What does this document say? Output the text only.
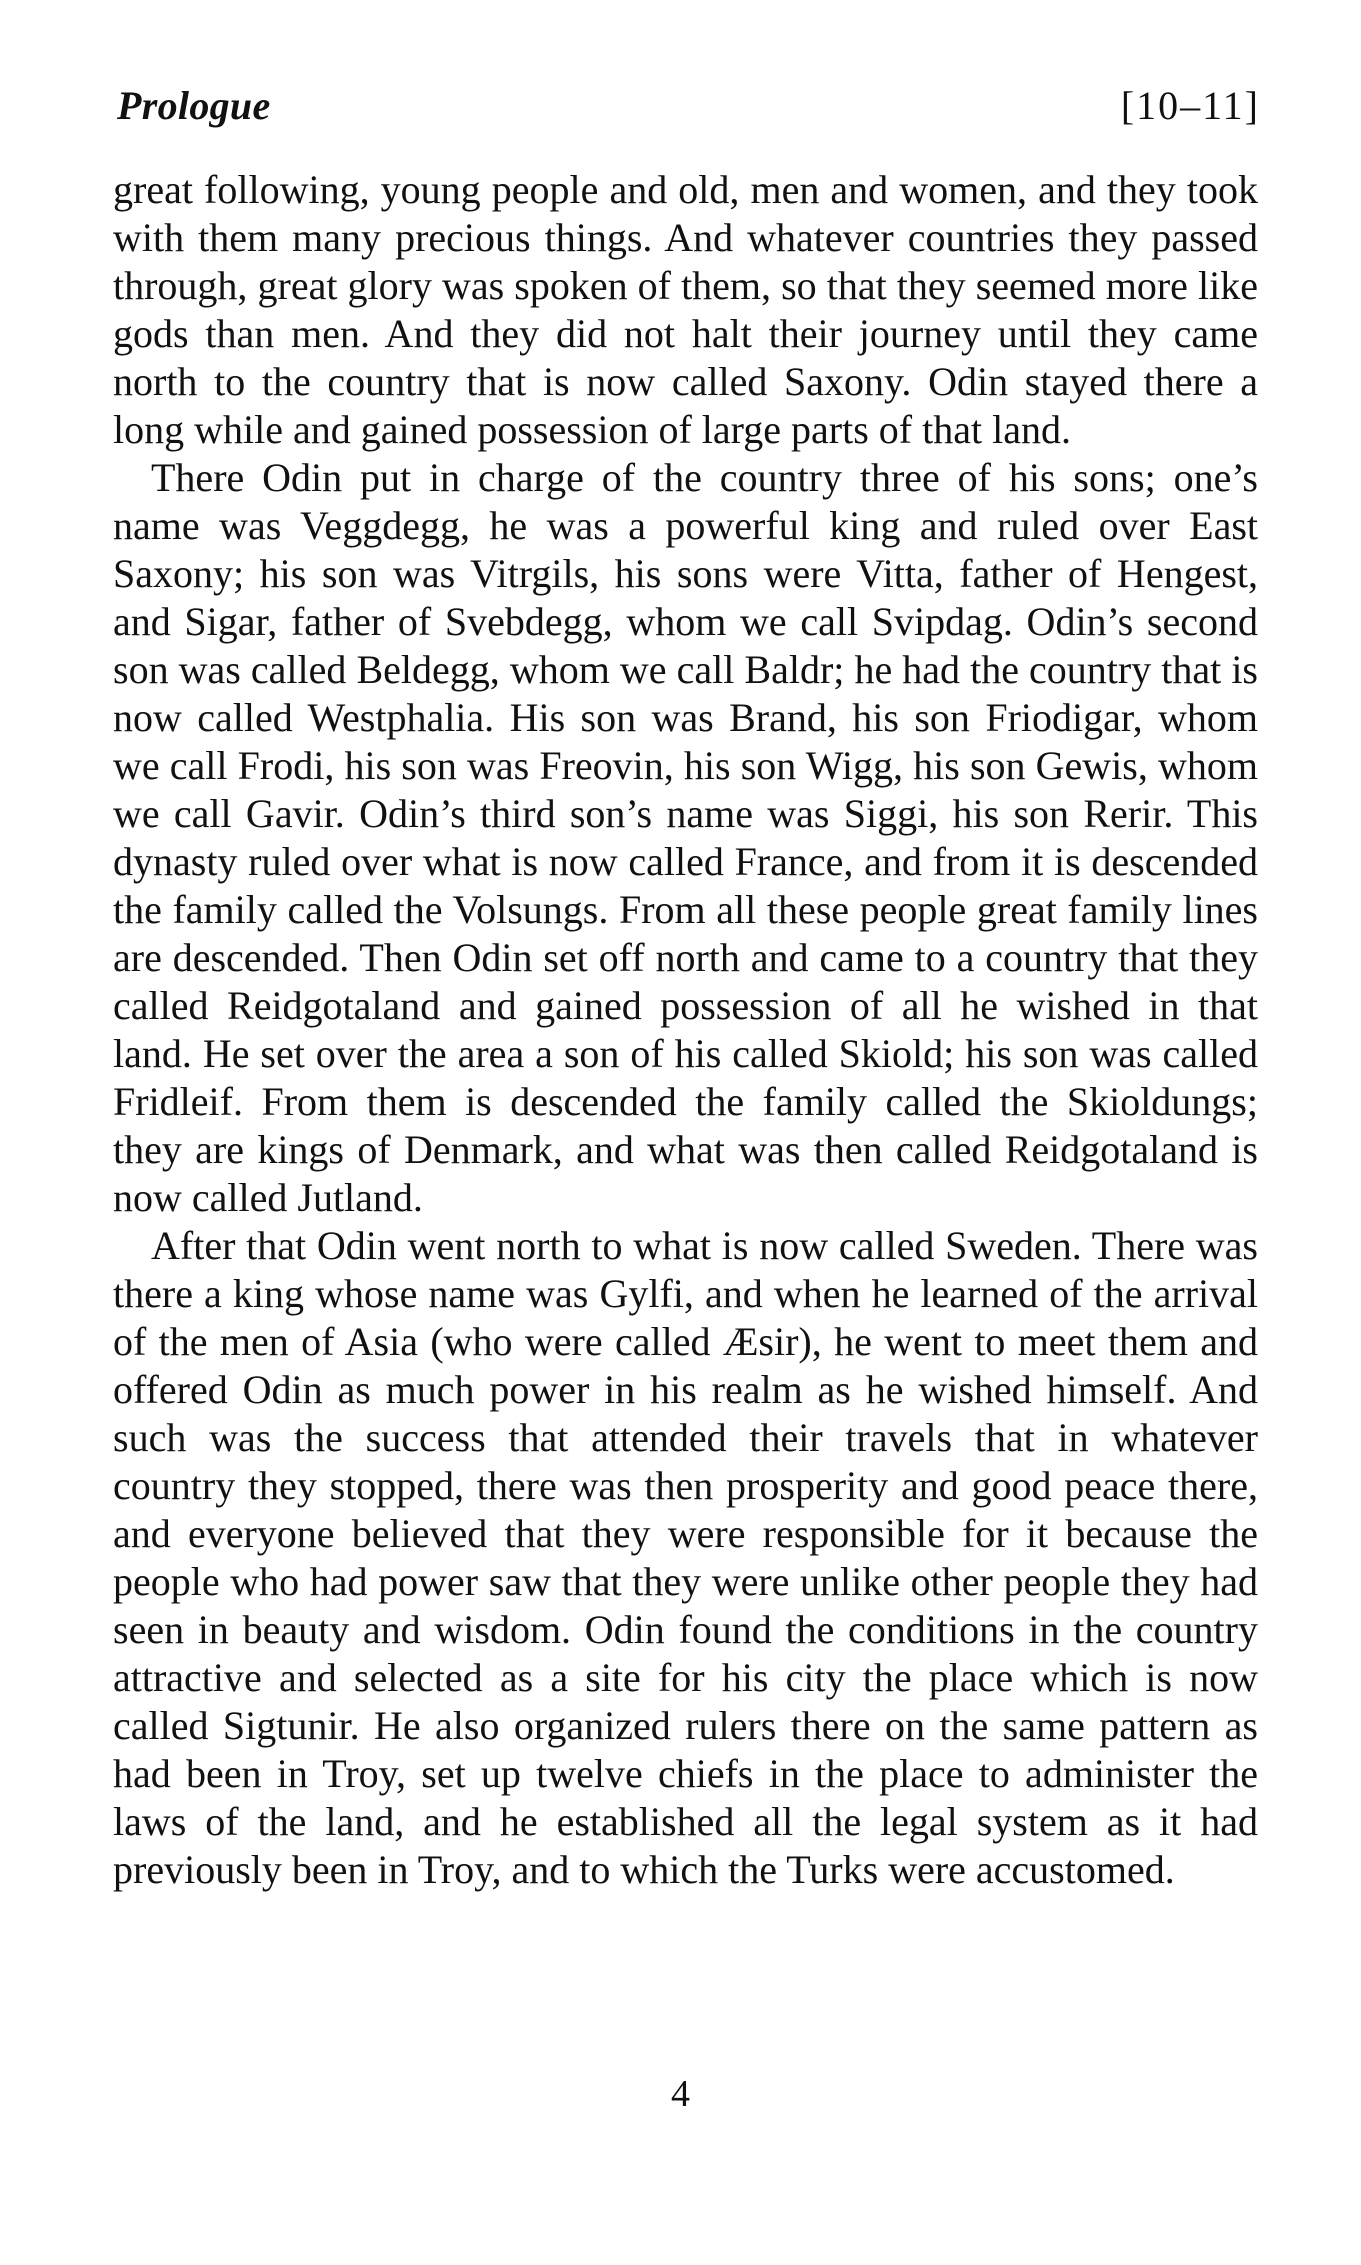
Prologue	[10–11]

great following, young people and old, men and women, and they took with them many precious things. And whatever countries they passed through, great glory was spoken of them, so that they seemed more like gods than men. And they did not halt their journey until they came north to the country that is now called Saxony. Odin stayed there a long while and gained possession of large parts of that land.

There Odin put in charge of the country three of his sons; one’s name was Veggdegg, he was a powerful king and ruled over East Saxony; his son was Vitrgils, his sons were Vitta, father of Hengest, and Sigar, father of Svebdegg, whom we call Svipdag. Odin’s second son was called Beldegg, whom we call Baldr; he had the country that is now called Westphalia. His son was Brand, his son Friodigar, whom we call Frodi, his son was Freovin, his son Wigg, his son Gewis, whom we call Gavir. Odin’s third son’s name was Siggi, his son Rerir. This dynasty ruled over what is now called France, and from it is descended the family called the Volsungs. From all these people great family lines are descended. Then Odin set off north and came to a country that they called Reidgotaland and gained possession of all he wished in that land. He set over the area a son of his called Skiold; his son was called Fridleif. From them is descended the family called the Skioldungs; they are kings of Denmark, and what was then called Reidgotaland is now called Jutland.

After that Odin went north to what is now called Sweden. There was there a king whose name was Gylfi, and when he learned of the arrival of the men of Asia (who were called Æsir), he went to meet them and offered Odin as much power in his realm as he wished himself. And such was the success that attended their travels that in whatever country they stopped, there was then prosperity and good peace there, and everyone believed that they were responsible for it because the people who had power saw that they were unlike other people they had seen in beauty and wisdom. Odin found the conditions in the country attractive and selected as a site for his city the place which is now called Sigtunir. He also organized rulers there on the same pattern as had been in Troy, set up twelve chiefs in the place to administer the laws of the land, and he established all the legal system as it had previously been in Troy, and to which the Turks were accustomed.

4
